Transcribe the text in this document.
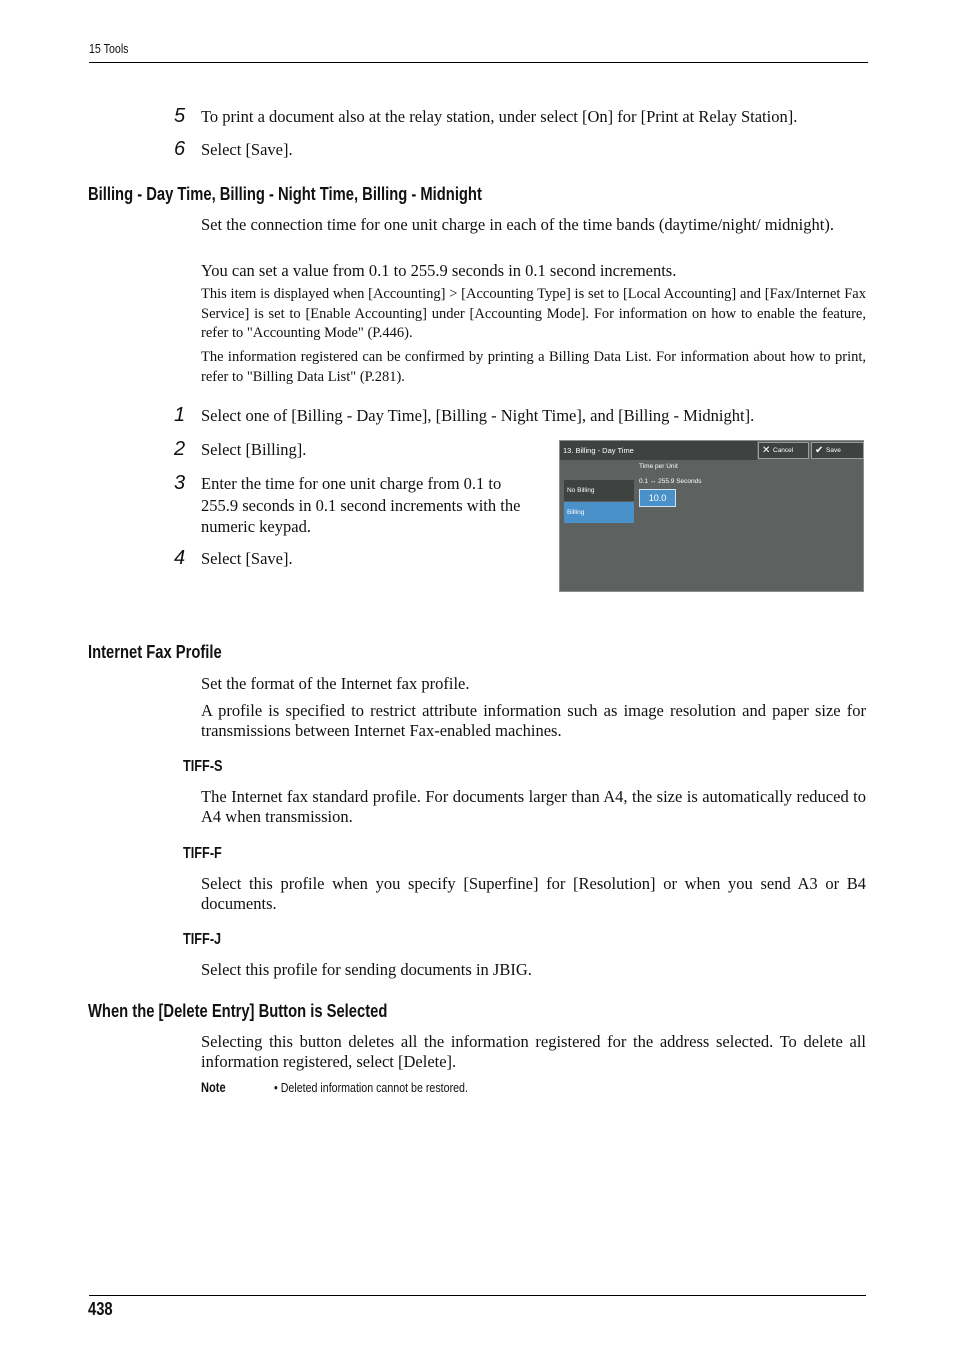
15 Tools
5 To print a document also at the relay station, under select [On] for [Print at Relay Station].
6 Select [Save].
Billing - Day Time, Billing - Night Time, Billing - Midnight
Set the connection time for one unit charge in each of the time bands (daytime/night/ midnight).
You can set a value from 0.1 to 255.9 seconds in 0.1 second increments.
This item is displayed when [Accounting] > [Accounting Type] is set to [Local Accounting] and [Fax/Internet Fax Service] is set to [Enable Accounting] under [Accounting Mode]. For information on how to enable the feature, refer to "Accounting Mode" (P.446).
The information registered can be confirmed by printing a Billing Data List. For information about how to print, refer to "Billing Data List" (P.281).
1 Select one of [Billing - Day Time], [Billing - Night Time], and [Billing - Midnight].
2 Select [Billing].
3 Enter the time for one unit charge from 0.1 to 255.9 seconds in 0.1 second increments with the numeric keypad.
4 Select [Save].
13. Billing - Day Time	✕ Cancel	✔ Save
No Billing
Billing
Time per Unit
0.1 ↔ 255.9 Seconds
10.0
Internet Fax Profile
Set the format of the Internet fax profile.
A profile is specified to restrict attribute information such as image resolution and paper size for transmissions between Internet Fax-enabled machines.
TIFF-S
The Internet fax standard profile. For documents larger than A4, the size is automatically reduced to A4 when transmission.
TIFF-F
Select this profile when you specify [Superfine] for [Resolution] or when you send A3 or B4 documents.
TIFF-J
Select this profile for sending documents in JBIG.
When the [Delete Entry] Button is Selected
Selecting this button deletes all the information registered for the address selected. To delete all information registered, select [Delete].
Note	• Deleted information cannot be restored.
438
